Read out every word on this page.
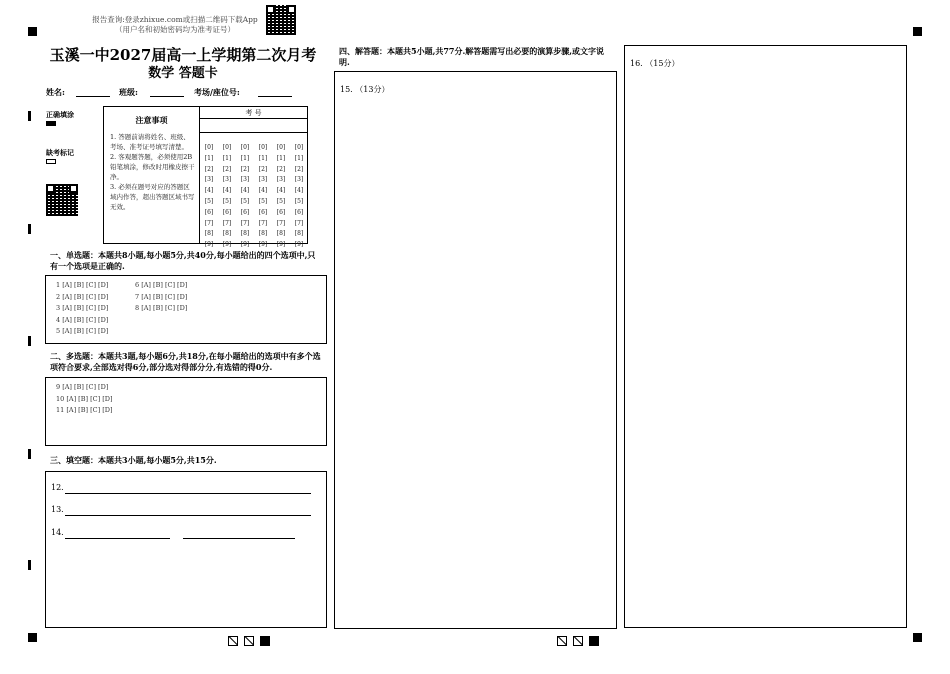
报告查询:登录zhixue.com或扫描二维码下载App
（用户名和初始密码均为准考证号）
玉溪一中2027届高一上学期第二次月考
数学 答题卡
姓名:	班级:	考场/座位号:
正确填涂
缺考标记
注意事项
1. 答题前请将姓名、班级、考场、准考证号填写清楚。
2. 客观题答题，必须使用2B铅笔填涂，修改时用橡皮擦干净。
3. 必须在题号对应的答题区域内作答，超出答题区域书写无效。
考 号
[0]
[1]
[2]
[3]
[4]
[5]
[6]
[7]
[8]
[9]
[0]
[1]
[2]
[3]
[4]
[5]
[6]
[7]
[8]
[9]
[0]
[1]
[2]
[3]
[4]
[5]
[6]
[7]
[8]
[9]
[0]
[1]
[2]
[3]
[4]
[5]
[6]
[7]
[8]
[9]
[0]
[1]
[2]
[3]
[4]
[5]
[6]
[7]
[8]
[9]
[0]
[1]
[2]
[3]
[4]
[5]
[6]
[7]
[8]
[9]
一、单选题：本题共8小题,每小题5分,共40分,每小题给出的四个选项中,只有一个选项是正确的.
1 [A] [B] [C] [D]
2 [A] [B] [C] [D]
3 [A] [B] [C] [D]
4 [A] [B] [C] [D]
5 [A] [B] [C] [D]
6 [A] [B] [C] [D]
7 [A] [B] [C] [D]
8 [A] [B] [C] [D]
二、多选题：本题共3题,每小题6分,共18分,在每小题给出的选项中有多个选项符合要求,全部选对得6分,部分选对得部分分,有选错的得0分.
9 [A] [B] [C] [D]
10 [A] [B] [C] [D]
11 [A] [B] [C] [D]
三、填空题：本题共3小题,每小题5分,共15分.
12.
13.
14.
四、解答题：本题共5小题,共77分.解答题需写出必要的演算步骤,或文字说明.
15. （13分）
16. （15分）
